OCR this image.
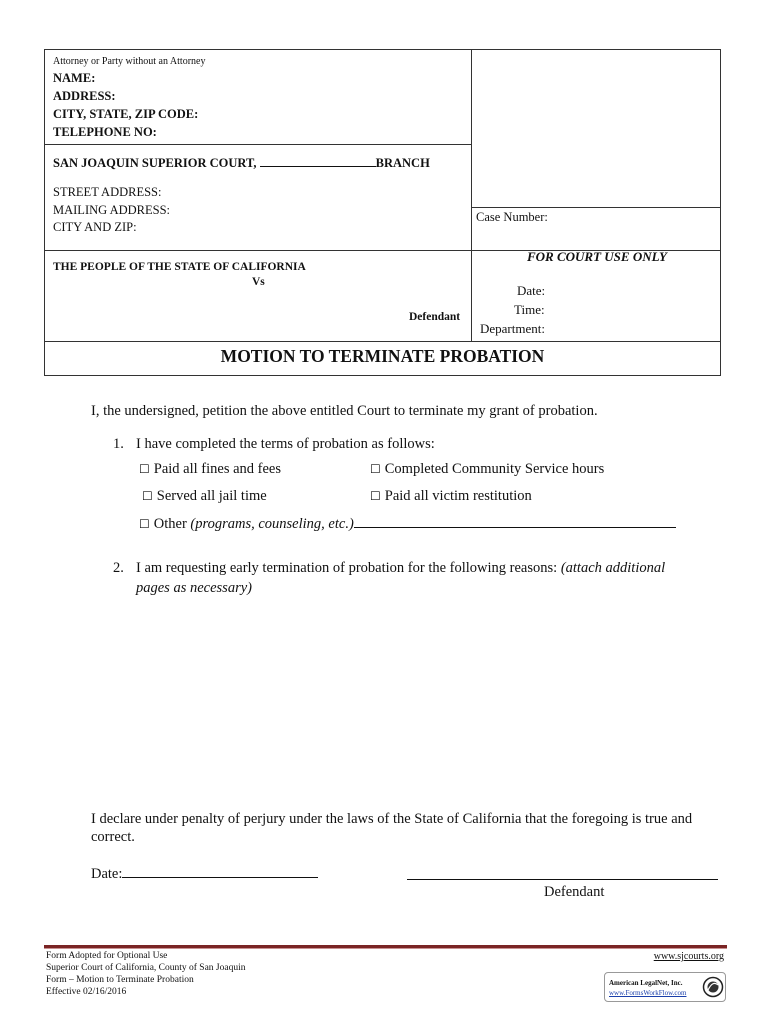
Attorney or Party without an Attorney
NAME:
ADDRESS:
CITY, STATE, ZIP CODE:
TELEPHONE NO:
SAN JOAQUIN SUPERIOR COURT,	BRANCH
STREET ADDRESS:
MAILING ADDRESS:
CITY AND ZIP:
Case Number:
FOR COURT USE ONLY
THE PEOPLE OF THE STATE OF CALIFORNIA
Vs
Defendant
Date:
Time:
Department:
MOTION TO TERMINATE PROBATION
I, the undersigned, petition the above entitled Court to terminate my grant of probation.
1. I have completed the terms of probation as follows:
☐ Paid all fines and fees	☐ Completed Community Service hours
☐ Served all jail time	☐ Paid all victim restitution
☐ Other (programs, counseling, etc.)
2. I am requesting early termination of probation for the following reasons: (attach additional
pages as necessary)
I declare under penalty of perjury under the laws of the State of California that the foregoing is true and
correct.
Date:
Defendant
Form Adopted for Optional Use
Superior Court of California, County of San Joaquin
Form – Motion to Terminate Probation
Effective 02/16/2016
www.sjcourts.org
American LegalNet, Inc.
www.FormsWorkFlow.com
